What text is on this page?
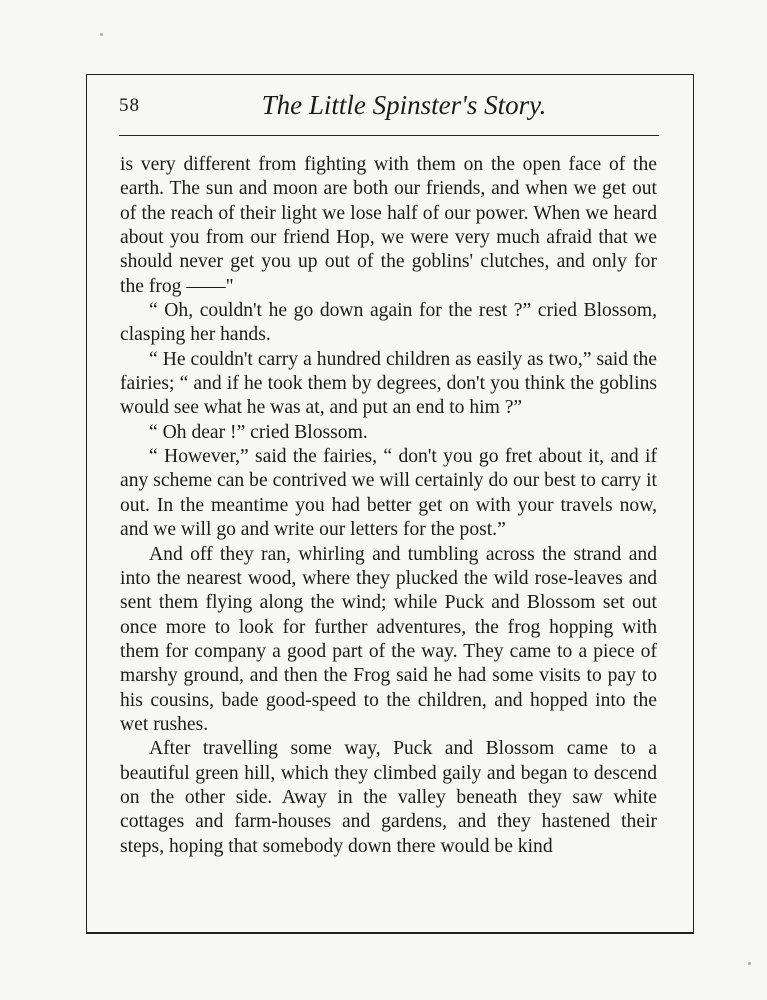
58	The Little Spinster's Story.

is very different from fighting with them on the open face of the earth. The sun and moon are both our friends, and when we get out of the reach of their light we lose half of our power. When we heard about you from our friend Hop, we were very much afraid that we should never get you up out of the goblins' clutches, and only for the frog ——"

“ Oh, couldn't he go down again for the rest ?” cried Blossom, clasping her hands.

“ He couldn't carry a hundred children as easily as two,” said the fairies; “ and if he took them by degrees, don't you think the goblins would see what he was at, and put an end to him ?”

“ Oh dear !” cried Blossom.

“ However,” said the fairies, “ don't you go fret about it, and if any scheme can be contrived we will certainly do our best to carry it out. In the meantime you had better get on with your travels now, and we will go and write our letters for the post.”

And off they ran, whirling and tumbling across the strand and into the nearest wood, where they plucked the wild rose-leaves and sent them flying along the wind; while Puck and Blossom set out once more to look for further adventures, the frog hopping with them for company a good part of the way. They came to a piece of marshy ground, and then the Frog said he had some visits to pay to his cousins, bade good-speed to the children, and hopped into the wet rushes.

After travelling some way, Puck and Blossom came to a beautiful green hill, which they climbed gaily and began to descend on the other side. Away in the valley beneath they saw white cottages and farm-houses and gardens, and they hastened their steps, hoping that somebody down there would be kind
